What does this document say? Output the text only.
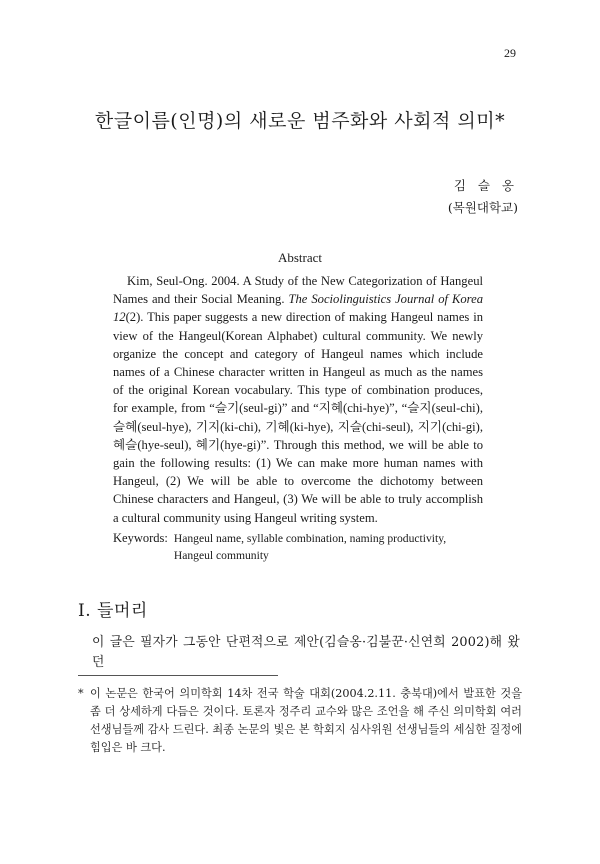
29
한글이름(인명)의 새로운 범주화와 사회적 의미*
김 슬 옹
(목원대학교)
Abstract
Kim, Seul-Ong. 2004. A Study of the New Categorization of Hangeul Names and their Social Meaning. The Sociolinguistics Journal of Korea 12(2). This paper suggests a new direction of making Hangeul names in view of the Hangeul(Korean Alphabet) cultural community. We newly organize the concept and category of Hangeul names which include names of a Chinese character written in Hangeul as much as the names of the original Korean vocabulary. This type of combination produces, for example, from “슬기(seul-gi)” and “지혜(chi-hye)”, “슬지(seul-chi), 슬혜(seul-hye), 기지(ki-chi), 기혜(ki-hye), 지슬(chi-seul), 지기(chi-gi), 혜슬(hye-seul), 혜기(hye-gi)”. Through this method, we will be able to gain the following results: (1) We can make more human names with Hangeul, (2) We will be able to overcome the dichotomy between Chinese characters and Hangeul, (3) We will be able to truly accomplish a cultural community using Hangeul writing system.
Keywords: Hangeul name, syllable combination, naming productivity, Hangeul community
Ⅰ. 들머리
이 글은 필자가 그동안 단편적으로 제안(김슬옹·김불꾼·신연희 2002)해 왔던
* 이 논문은 한국어 의미학회 14차 전국 학술 대회(2004.2.11. 충북대)에서 발표한 것을 좀 더 상세하게 다듬은 것이다. 토론자 정주리 교수와 많은 조언을 해 주신 의미학회 여러 선생님들께 감사 드린다. 최종 논문의 빛은 본 학회지 심사위원 선생님들의 세심한 질정에 힘입은 바 크다.
